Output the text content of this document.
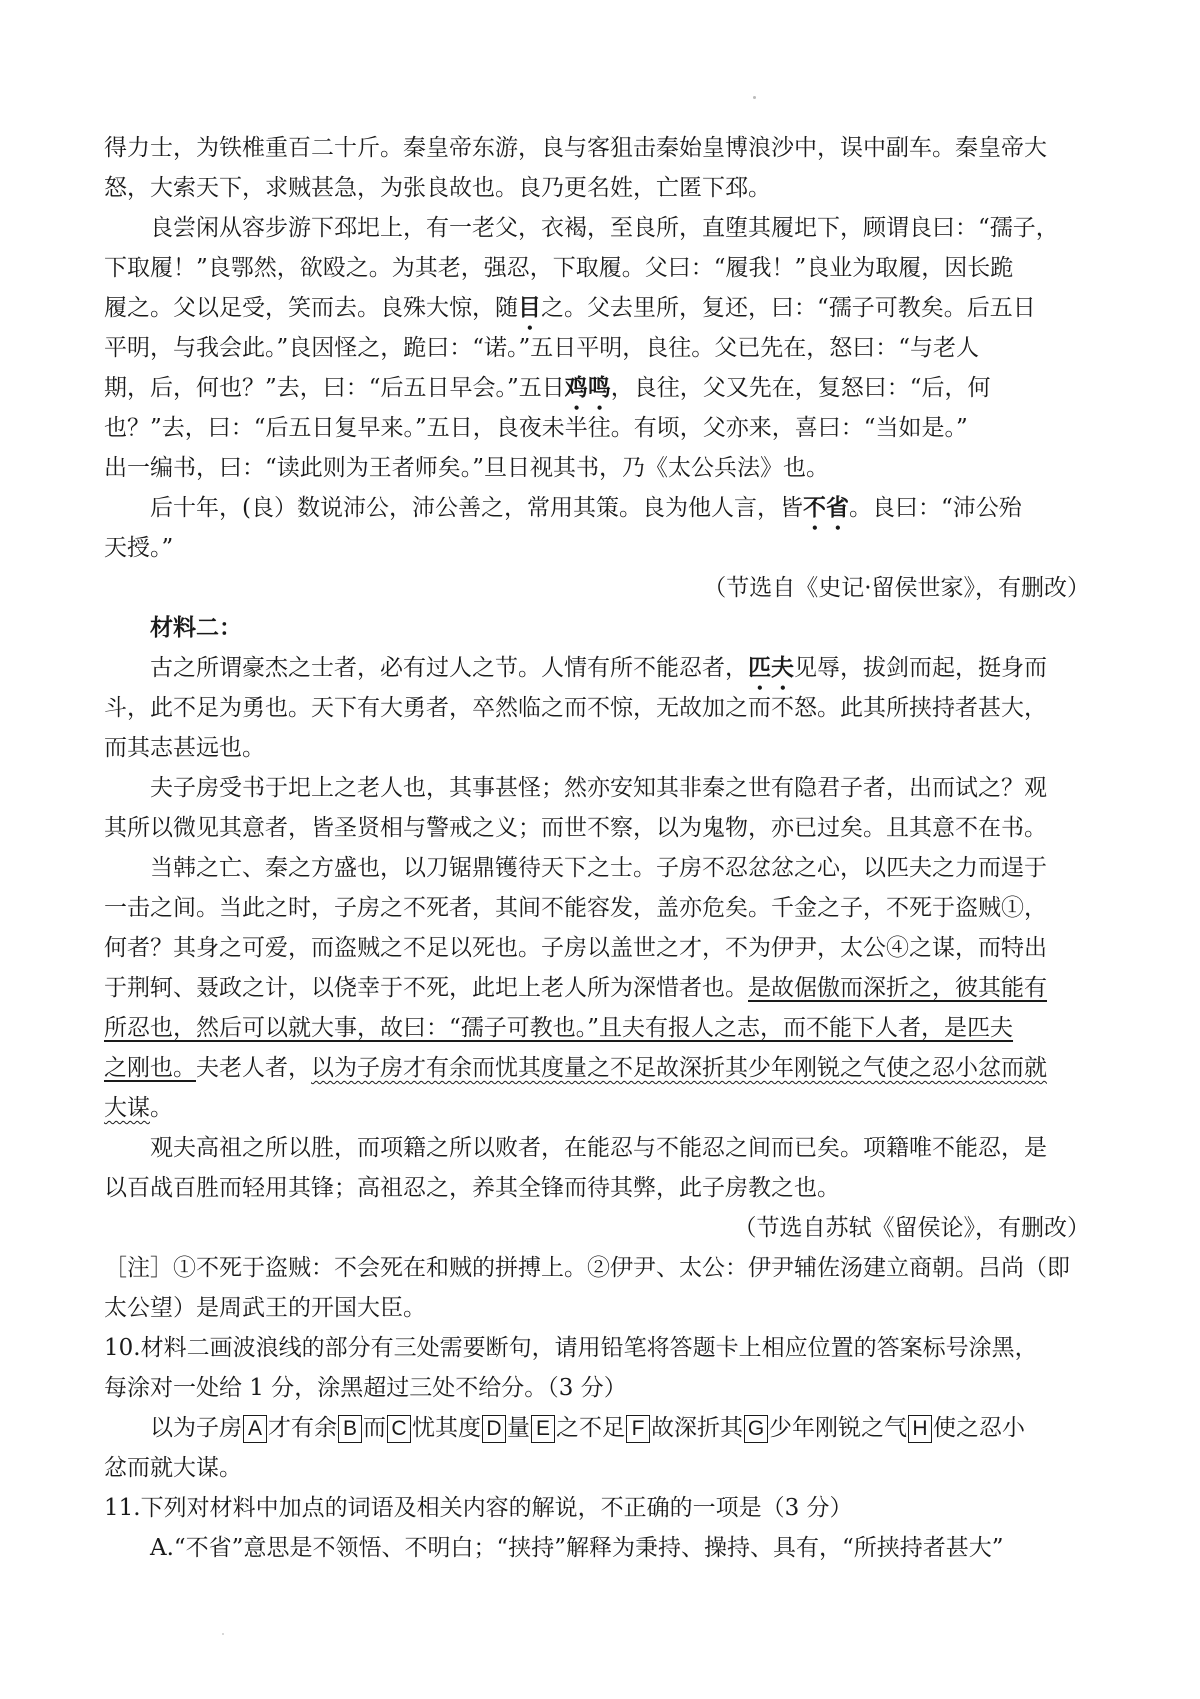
得力士，为铁椎重百二十斤。秦皇帝东游，良与客狙击秦始皇博浪沙中，误中副车。秦皇帝大
怒，大索天下，求贼甚急，为张良故也。良乃更名姓，亡匿下邳。
良尝闲从容步游下邳圯上，有一老父，衣褐，至良所，直堕其履圯下，顾谓良曰：“孺子，
下取履！”良鄂然，欲殴之。为其老，强忍，下取履。父曰：“履我！”良业为取履，因长跪
履之。父以足受，笑而去。良殊大惊，随目之。父去里所，复还，曰：“孺子可教矣。后五日
平明，与我会此。”良因怪之，跪曰：“诺。”五日平明，良往。父已先在，怒曰：“与老人
期，后，何也？”去，曰：“后五日早会。”五日鸡鸣，良往，父又先在，复怒曰：“后，何
也？”去，曰：“后五日复早来。”五日，良夜未半往。有顷，父亦来，喜曰：“当如是。”
出一编书，曰：“读此则为王者师矣。”旦日视其书，乃《太公兵法》也。
后十年，(良）数说沛公，沛公善之，常用其策。良为他人言，皆不省。良曰：“沛公殆
天授。”
（节选自《史记·留侯世家》，有删改）
材料二：
古之所谓豪杰之士者，必有过人之节。人情有所不能忍者，匹夫见辱，拔剑而起，挺身而
斗，此不足为勇也。天下有大勇者，卒然临之而不惊，无故加之而不怒。此其所挟持者甚大，
而其志甚远也。
夫子房受书于圯上之老人也，其事甚怪；然亦安知其非秦之世有隐君子者，出而试之？观
其所以微见其意者，皆圣贤相与警戒之义；而世不察，以为鬼物，亦已过矣。且其意不在书。
当韩之亡、秦之方盛也，以刀锯鼎镬待天下之士。子房不忍忿忿之心，以匹夫之力而逞于
一击之间。当此之时，子房之不死者，其间不能容发，盖亦危矣。千金之子，不死于盗贼①，
何者？其身之可爱，而盗贼之不足以死也。子房以盖世之才，不为伊尹，太公④之谋，而特出
于荆轲、聂政之计，以侥幸于不死，此圯上老人所为深惜者也。是故倨傲而深折之，彼其能有
所忍也，然后可以就大事，故曰：“孺子可教也。”且夫有报人之志，而不能下人者，是匹夫
之刚也。夫老人者，以为子房才有余而忧其度量之不足故深折其少年刚锐之气使之忍小忿而就
大谋。
观夫高祖之所以胜，而项籍之所以败者，在能忍与不能忍之间而已矣。项籍唯不能忍，是
以百战百胜而轻用其锋；高祖忍之，养其全锋而待其弊，此子房教之也。
（节选自苏轼《留侯论》，有删改）
［注］①不死于盗贼：不会死在和贼的拼搏上。②伊尹、太公：伊尹辅佐汤建立商朝。吕尚（即
太公望）是周武王的开国大臣。
10.材料二画波浪线的部分有三处需要断句，请用铅笔将答题卡上相应位置的答案标号涂黑，
每涂对一处给 1 分，涂黑超过三处不给分。（3 分）
以为子房 A 才有余 B 而 C 忧其度 D 量 E 之不足 F 故深折其 G 少年刚锐之气 H 使之忍小
忿而就大谋。
11.下列对材料中加点的词语及相关内容的解说，不正确的一项是（3 分）
A.“不省”意思是不领悟、不明白；“挟持”解释为秉持、操持、具有，“所挟持者甚大”
